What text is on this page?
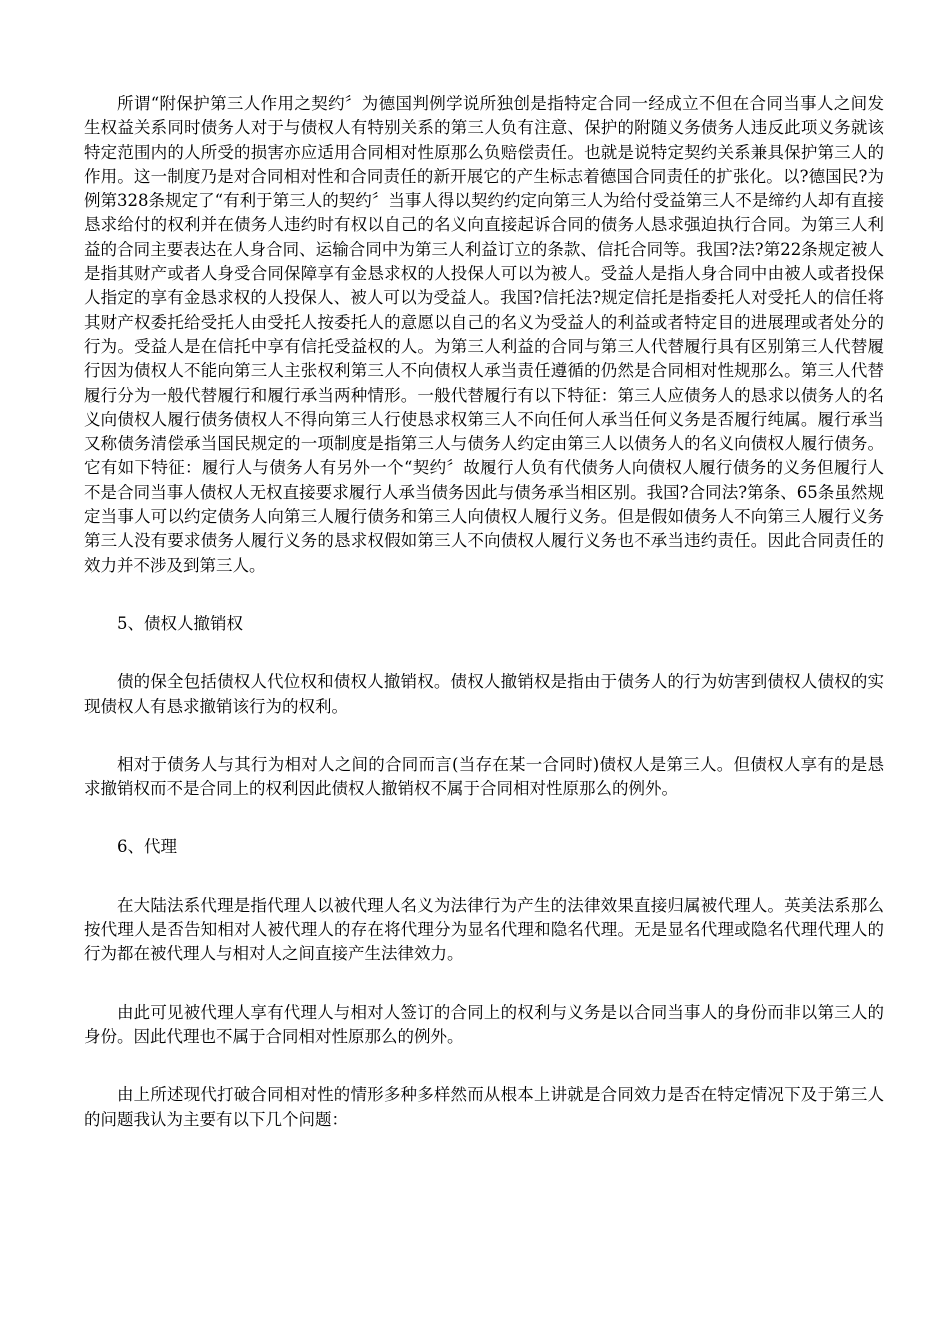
所谓“附保护第三人作用之契约〞为德国判例学说所独创是指特定合同一经成立不但在合同当事人之间发生权益关系同时债务人对于与债权人有特别关系的第三人负有注意、保护的附随义务债务人违反此项义务就该特定范围内的人所受的损害亦应适用合同相对性原那么负赔偿责任。也就是说特定契约关系兼具保护第三人的作用。这一制度乃是对合同相对性和合同责任的新开展它的产生标志着德国合同责任的扩张化。以?德国民?为例第328条规定了“有利于第三人的契约〞当事人得以契约约定向第三人为给付受益第三人不是缔约人却有直接恳求给付的权利并在债务人违约时有权以自己的名义向直接起诉合同的债务人恳求强迫执行合同。为第三人利益的合同主要表达在人身合同、运输合同中为第三人利益订立的条款、信托合同等。我国?法?第22条规定被人是指其财产或者人身受合同保障享有金恳求权的人投保人可以为被人。受益人是指人身合同中由被人或者投保人指定的享有金恳求权的人投保人、被人可以为受益人。我国?信托法?规定信托是指委托人对受托人的信任将其财产权委托给受托人由受托人按委托人的意愿以自己的名义为受益人的利益或者特定目的进展理或者处分的行为。受益人是在信托中享有信托受益权的人。为第三人利益的合同与第三人代替履行具有区别第三人代替履行因为债权人不能向第三人主张权利第三人不向债权人承当责任遵循的仍然是合同相对性规那么。第三人代替履行分为一般代替履行和履行承当两种情形。一般代替履行有以下特征：第三人应债务人的恳求以债务人的名义向债权人履行债务债权人不得向第三人行使恳求权第三人不向任何人承当任何义务是否履行纯属。履行承当又称债务清偿承当国民规定的一项制度是指第三人与债务人约定由第三人以债务人的名义向债权人履行债务。它有如下特征：履行人与债务人有另外一个“契约〞故履行人负有代债务人向债权人履行债务的义务但履行人不是合同当事人债权人无权直接要求履行人承当债务因此与债务承当相区别。我国?合同法?第条、65条虽然规定当事人可以约定债务人向第三人履行债务和第三人向债权人履行义务。但是假如债务人不向第三人履行义务第三人没有要求债务人履行义务的恳求权假如第三人不向债权人履行义务也不承当违约责任。因此合同责任的效力并不涉及到第三人。

5、债权人撤销权

债的保全包括债权人代位权和债权人撤销权。债权人撤销权是指由于债务人的行为妨害到债权人债权的实现债权人有恳求撤销该行为的权利。

相对于债务人与其行为相对人之间的合同而言(当存在某一合同时)债权人是第三人。但债权人享有的是恳求撤销权而不是合同上的权利因此债权人撤销权不属于合同相对性原那么的例外。

6、代理

在大陆法系代理是指代理人以被代理人名义为法律行为产生的法律效果直接归属被代理人。英美法系那么按代理人是否告知相对人被代理人的存在将代理分为显名代理和隐名代理。无是显名代理或隐名代理代理人的行为都在被代理人与相对人之间直接产生法律效力。

由此可见被代理人享有代理人与相对人签订的合同上的权利与义务是以合同当事人的身份而非以第三人的身份。因此代理也不属于合同相对性原那么的例外。

由上所述现代打破合同相对性的情形多种多样然而从根本上讲就是合同效力是否在特定情况下及于第三人的问题我认为主要有以下几个问题：
